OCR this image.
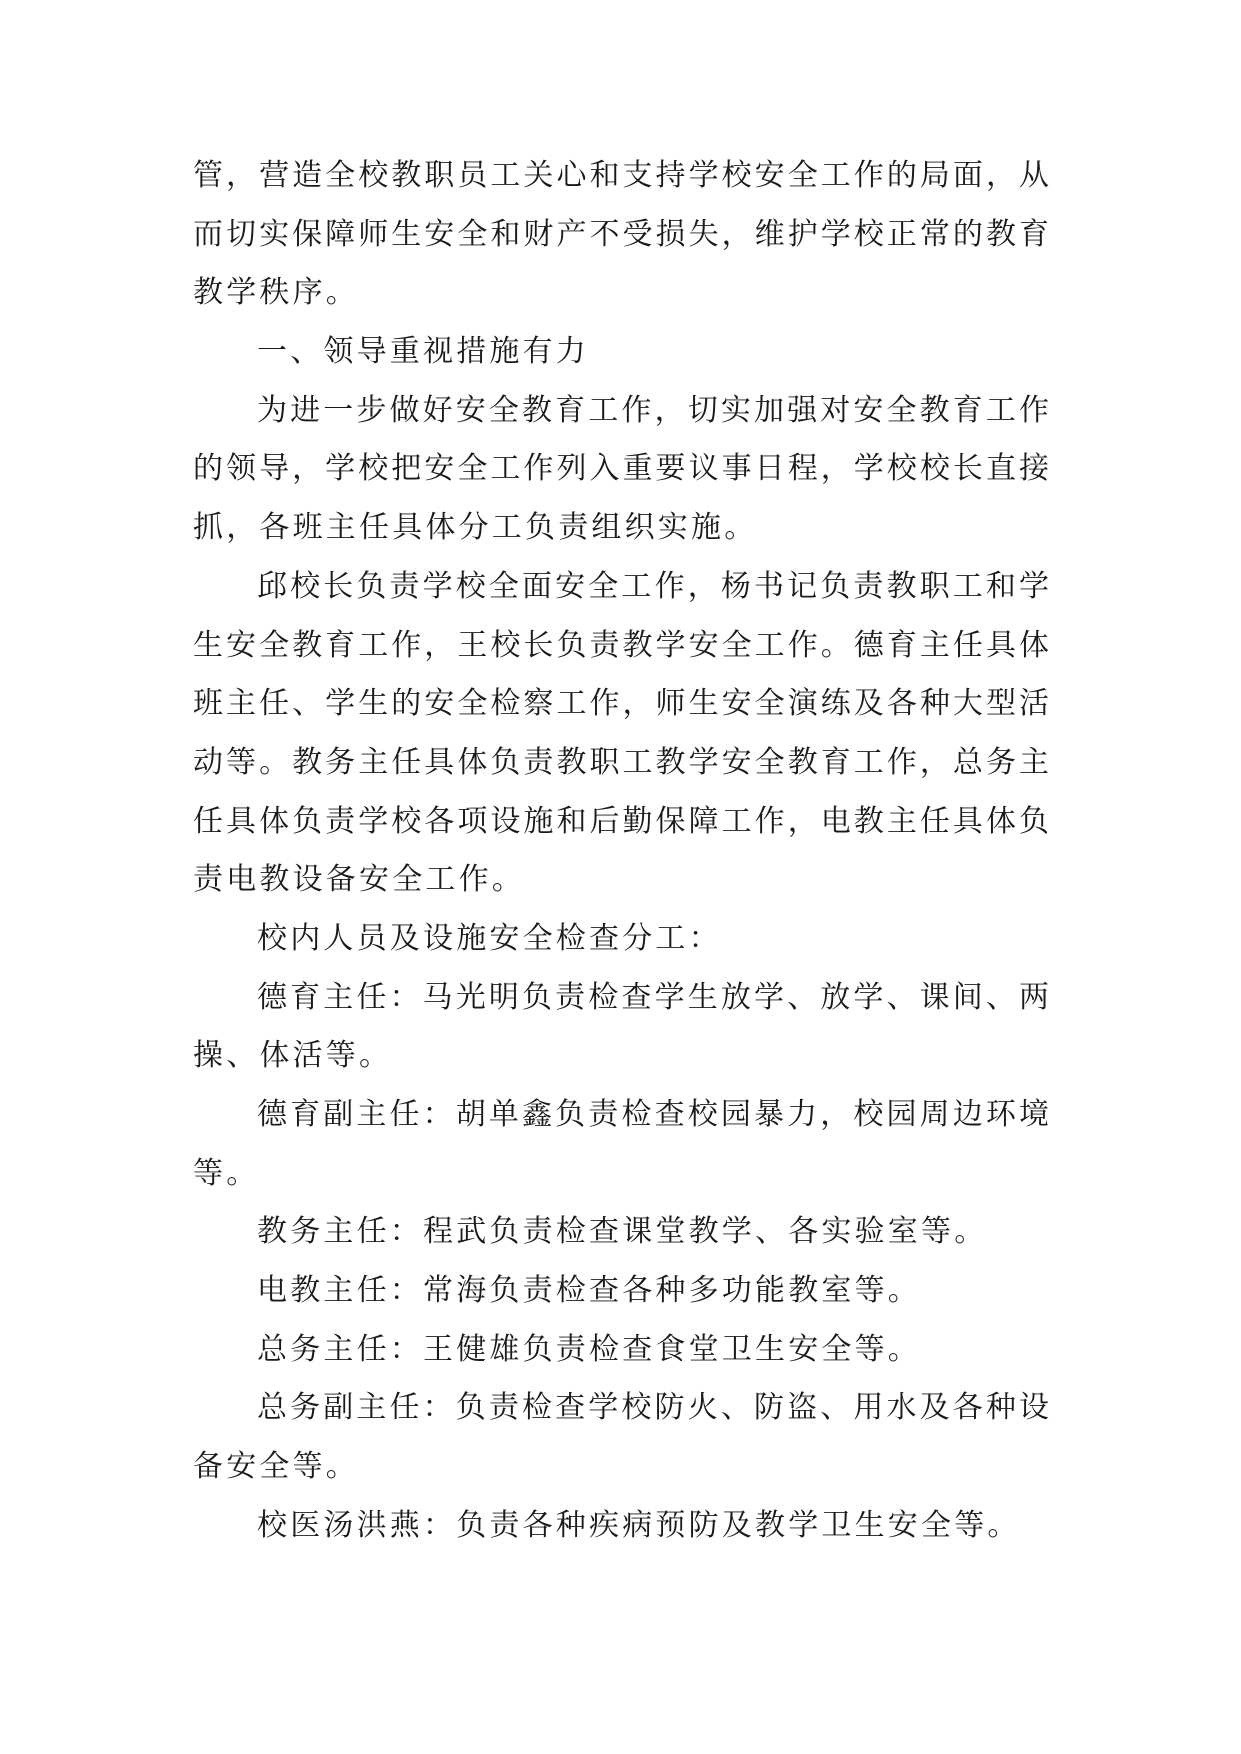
管，营造全校教职员工关心和支持学校安全工作的局面，从
而切实保障师生安全和财产不受损失，维护学校正常的教育
教学秩序。
一、领导重视措施有力
为进一步做好安全教育工作，切实加强对安全教育工作
的领导，学校把安全工作列入重要议事日程，学校校长直接
抓，各班主任具体分工负责组织实施。
邱校长负责学校全面安全工作，杨书记负责教职工和学
生安全教育工作，王校长负责教学安全工作。德育主任具体
班主任、学生的安全检察工作，师生安全演练及各种大型活
动等。教务主任具体负责教职工教学安全教育工作，总务主
任具体负责学校各项设施和后勤保障工作，电教主任具体负
责电教设备安全工作。
校内人员及设施安全检查分工：
德育主任：马光明负责检查学生放学、放学、课间、两
操、体活等。
德育副主任：胡单鑫负责检查校园暴力，校园周边环境
等。
教务主任：程武负责检查课堂教学、各实验室等。
电教主任：常海负责检查各种多功能教室等。
总务主任：王健雄负责检查食堂卫生安全等。
总务副主任：负责检查学校防火、防盗、用水及各种设
备安全等。
校医汤洪燕：负责各种疾病预防及教学卫生安全等。
